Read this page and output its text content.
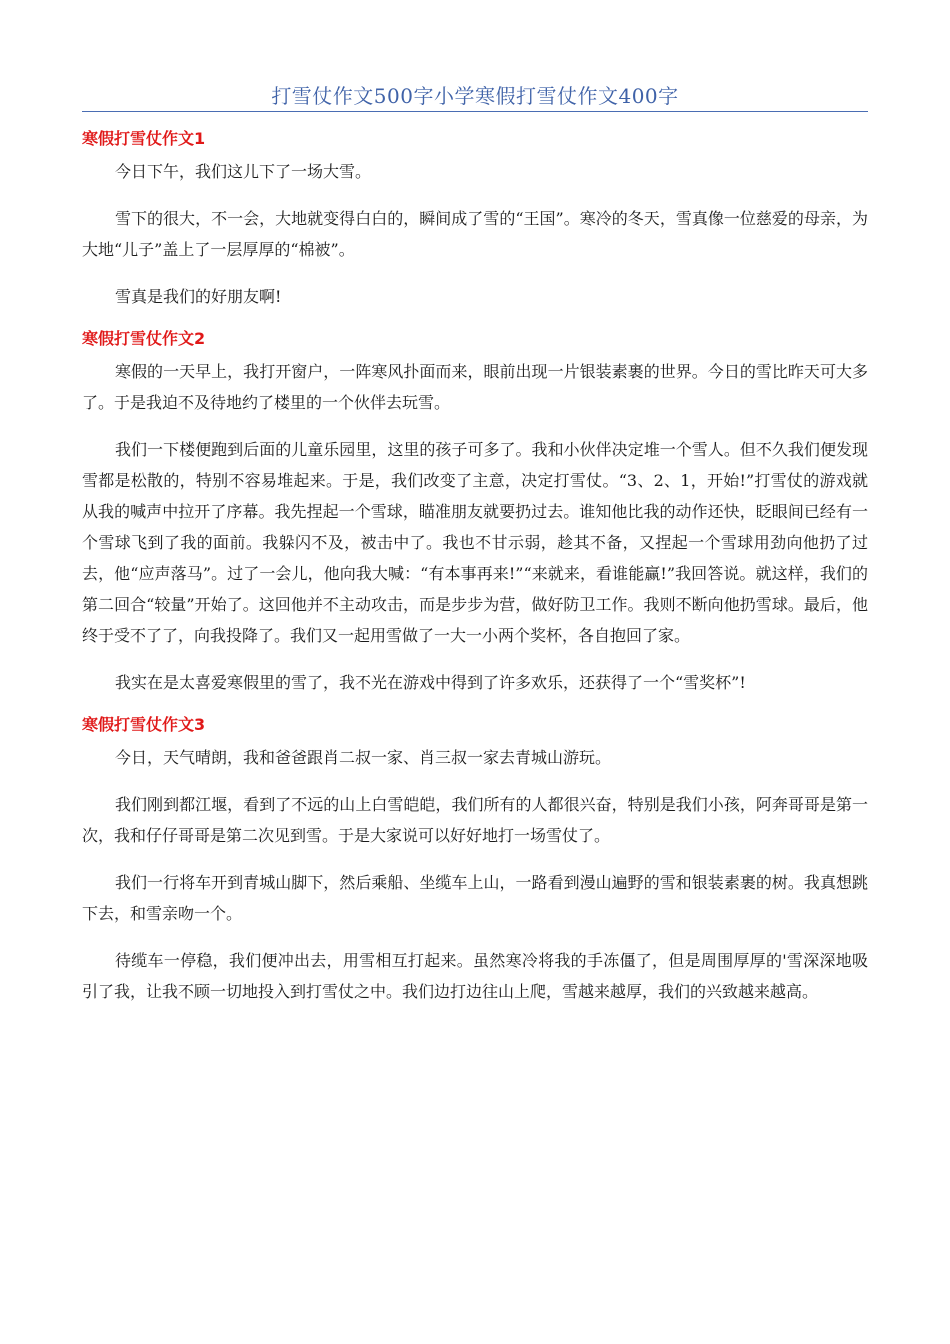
打雪仗作文500字小学寒假打雪仗作文400字
寒假打雪仗作文1

今日下午，我们这儿下了一场大雪。

雪下的很大，不一会，大地就变得白白的，瞬间成了雪的“王国”。寒冷的冬天，雪真像一位慈爱的母亲，为大地“儿子”盖上了一层厚厚的“棉被”。

雪真是我们的好朋友啊!

寒假打雪仗作文2

寒假的一天早上，我打开窗户，一阵寒风扑面而来，眼前出现一片银装素裹的世界。今日的雪比昨天可大多了。于是我迫不及待地约了楼里的一个伙伴去玩雪。

我们一下楼便跑到后面的儿童乐园里，这里的孩子可多了。我和小伙伴决定堆一个雪人。但不久我们便发现雪都是松散的，特别不容易堆起来。于是，我们改变了主意，决定打雪仗。“3、2、1，开始!”打雪仗的游戏就从我的喊声中拉开了序幕。我先捏起一个雪球，瞄准朋友就要扔过去。谁知他比我的动作还快，眨眼间已经有一个雪球飞到了我的面前。我躲闪不及，被击中了。我也不甘示弱，趁其不备，又捏起一个雪球用劲向他扔了过去，他“应声落马”。过了一会儿，他向我大喊：“有本事再来!”“来就来，看谁能赢!”我回答说。就这样，我们的第二回合“较量”开始了。这回他并不主动攻击，而是步步为营，做好防卫工作。我则不断向他扔雪球。最后，他终于受不了了，向我投降了。我们又一起用雪做了一大一小两个奖杯，各自抱回了家。

我实在是太喜爱寒假里的雪了，我不光在游戏中得到了许多欢乐，还获得了一个“雪奖杯”!

寒假打雪仗作文3

今日，天气晴朗，我和爸爸跟肖二叔一家、肖三叔一家去青城山游玩。

我们刚到都江堰，看到了不远的山上白雪皑皑，我们所有的人都很兴奋，特别是我们小孩，阿奔哥哥是第一次，我和仔仔哥哥是第二次见到雪。于是大家说可以好好地打一场雪仗了。

我们一行将车开到青城山脚下，然后乘船、坐缆车上山，一路看到漫山遍野的雪和银装素裹的树。我真想跳下去，和雪亲吻一个。

待缆车一停稳，我们便冲出去，用雪相互打起来。虽然寒冷将我的手冻僵了，但是周围厚厚的'雪深深地吸引了我，让我不顾一切地投入到打雪仗之中。我们边打边往山上爬，雪越来越厚，我们的兴致越来越高。
